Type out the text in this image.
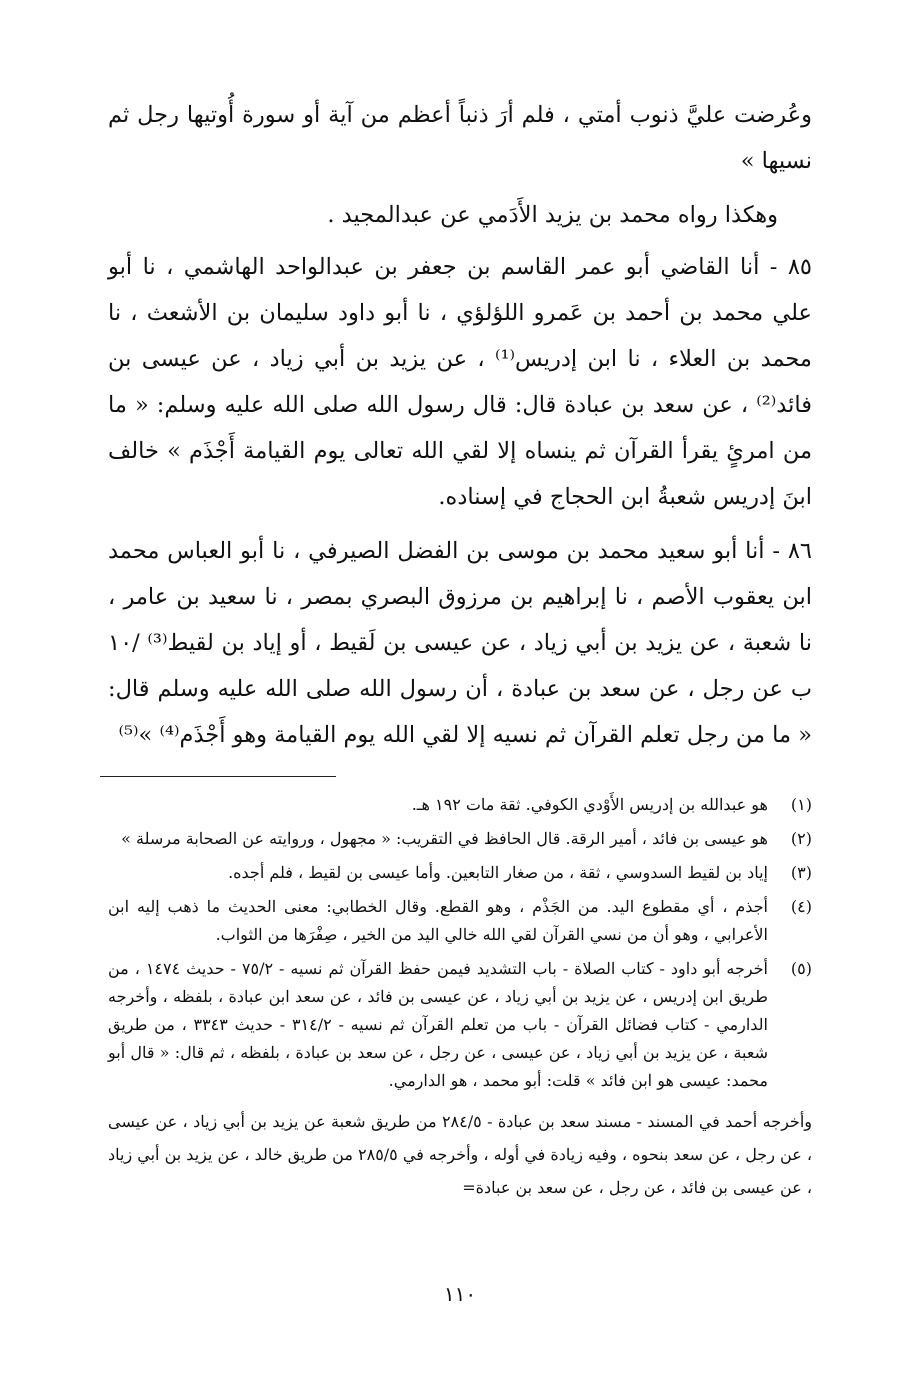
وعُرضت عليَّ ذنوب أمتي ، فلم أرَ ذنباً أعظم من آية أو سورة أُوتيها رجل ثم نسيها »

وهكذا رواه محمد بن يزيد الأَدَمي عن عبدالمجيد .

٨٥ - أنا القاضي أبو عمر القاسم بن جعفر بن عبدالواحد الهاشمي ، نا أبو علي محمد بن أحمد بن عَمرو اللؤلؤي ، نا أبو داود سليمان بن الأشعث ، نا محمد بن العلاء ، نا ابن إدريس⁽¹⁾ ، عن يزيد بن أبي زياد ، عن عيسى بن فائد⁽²⁾ ، عن سعد بن عبادة قال: قال رسول الله صلى الله عليه وسلم: « ما من امرئٍ يقرأ القرآن ثم ينساه إلا لقي الله تعالى يوم القيامة أَجْذَم » خالف ابنَ إدريس شعبةُ ابن الحجاج في إسناده.

٨٦ - أنا أبو سعيد محمد بن موسى بن الفضل الصيرفي ، نا أبو العباس محمد ابن يعقوب الأصم ، نا إبراهيم بن مرزوق البصري بمصر ، نا سعيد بن عامر ، نا شعبة ، عن يزيد بن أبي زياد ، عن عيسى بن لَقيط ، أو إياد بن لقيط⁽³⁾ /١٠ ب عن رجل ، عن سعد بن عبادة ، أن رسول الله صلى الله عليه وسلم قال: « ما من رجل تعلم القرآن ثم نسيه إلا لقي الله يوم القيامة وهو أَجْذَم⁽⁴⁾ »⁽⁵⁾

(١)
هو عبدالله بن إدريس الأَوْدي الكوفي. ثقة مات ١٩٢ هـ.
(٢)
هو عيسى بن فائد ، أمير الرقة. قال الحافظ في التقريب: « مجهول ، وروايته عن الصحابة مرسلة »
(٣)
إياد بن لقيط السدوسي ، ثقة ، من صغار التابعين. وأما عيسى بن لقيط ، فلم أجده.
(٤)
أجذم ، أي مقطوع اليد. من الجَذْم ، وهو القطع. وقال الخطابي: معنى الحديث ما ذهب إليه ابن الأعرابي ، وهو أن من نسي القرآن لقي الله خالي اليد من الخير ، صِفْرَها من الثواب.
(٥)
أخرجه أبو داود - كتاب الصلاة - باب التشديد فيمن حفظ القرآن ثم نسيه - ٧٥/٢ - حديث ١٤٧٤ ، من طريق ابن إدريس ، عن يزيد بن أبي زياد ، عن عيسى بن فائد ، عن سعد ابن عبادة ، بلفظه ، وأخرجه الدارمي - كتاب فضائل القرآن - باب من تعلم القرآن ثم نسيه - ٣١٤/٢ - حديث ٣٣٤٣ ، من طريق شعبة ، عن يزيد بن أبي زياد ، عن عيسى ، عن رجل ، عن سعد بن عبادة ، بلفظه ، ثم قال: « قال أبو محمد: عيسى هو ابن فائد » قلت: أبو محمد ، هو الدارمي.
وأخرجه أحمد في المسند - مسند سعد بن عبادة - ٢٨٤/٥ من طريق شعبة عن يزيد بن أبي زياد ، عن عيسى ، عن رجل ، عن سعد بنحوه ، وفيه زيادة في أوله ، وأخرجه في ٢٨٥/٥ من طريق خالد ، عن يزيد بن أبي زياد ، عن عيسى بن فائد ، عن رجل ، عن سعد بن عبادة=
١١٠
